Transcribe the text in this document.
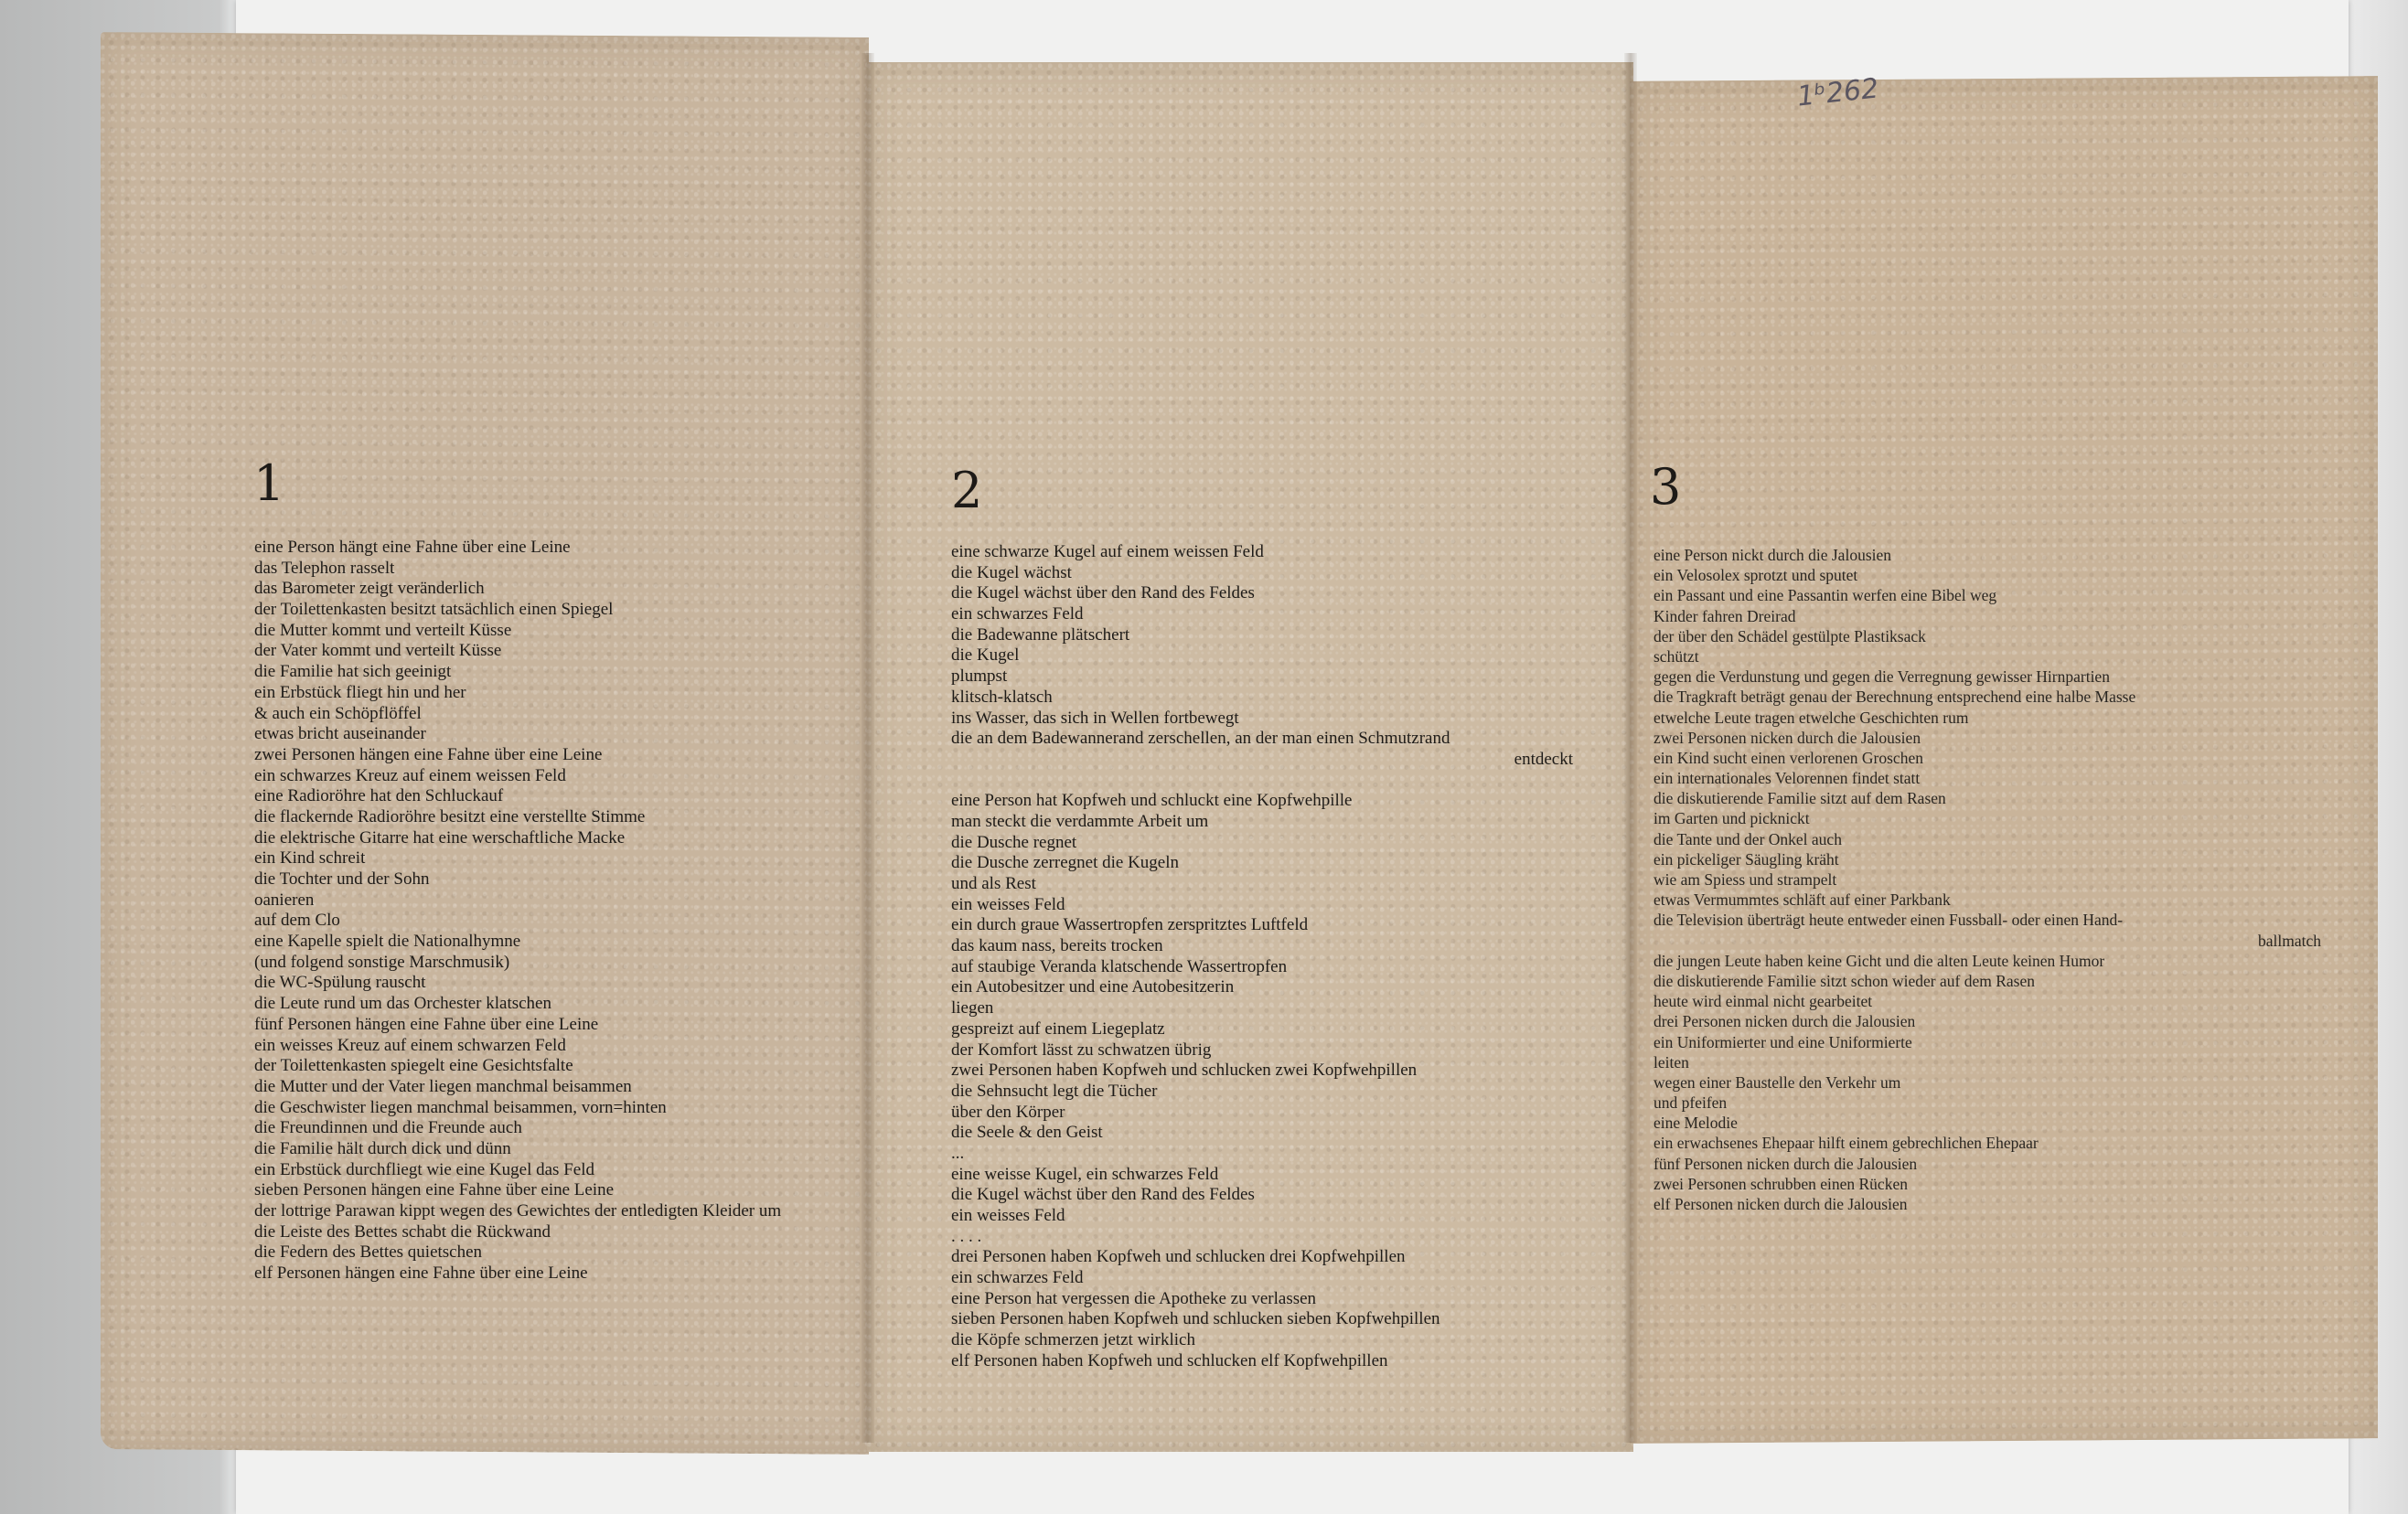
1ᵇ262
1	2	3
eine Person hängt eine Fahne über eine Leine
das Telephon rasselt
das Barometer zeigt veränderlich
der Toilettenkasten besitzt tatsächlich einen Spiegel
die Mutter kommt und verteilt Küsse
der Vater kommt und verteilt Küsse
die Familie hat sich geeinigt
ein Erbstück fliegt hin und her
& auch ein Schöpflöffel
etwas bricht auseinander
zwei Personen hängen eine Fahne über eine Leine
ein schwarzes Kreuz auf einem weissen Feld
eine Radioröhre hat den Schluckauf
die flackernde Radioröhre besitzt eine verstellte Stimme
die elektrische Gitarre hat eine werschaftliche Macke
ein Kind schreit
die Tochter und der Sohn
oanieren
auf dem Clo
eine Kapelle spielt die Nationalhymne
(und folgend sonstige Marschmusik)
die WC-Spülung rauscht
die Leute rund um das Orchester klatschen
fünf Personen hängen eine Fahne über eine Leine
ein weisses Kreuz auf einem schwarzen Feld
der Toilettenkasten spiegelt eine Gesichtsfalte
die Mutter und der Vater liegen manchmal beisammen
die Geschwister liegen manchmal beisammen, vorn=hinten
die Freundinnen und die Freunde auch
die Familie hält durch dick und dünn
ein Erbstück durchfliegt wie eine Kugel das Feld
sieben Personen hängen eine Fahne über eine Leine
der lottrige Parawan kippt wegen des Gewichtes der entledigten Kleider um
die Leiste des Bettes schabt die Rückwand
die Federn des Bettes quietschen
elf Personen hängen eine Fahne über eine Leine
eine schwarze Kugel auf einem weissen Feld
die Kugel wächst
die Kugel wächst über den Rand des Feldes
ein schwarzes Feld
die Badewanne plätschert
die Kugel
plumpst
klitsch-klatsch
ins Wasser, das sich in Wellen fortbewegt
die an dem Badewannerand zerschellen, an der man einen Schmutzrand
entdeckt
eine Person hat Kopfweh und schluckt eine Kopfwehpille
man steckt die verdammte Arbeit um
die Dusche regnet
die Dusche zerregnet die Kugeln
und als Rest
ein weisses Feld
ein durch graue Wassertropfen zerspritztes Luftfeld
das kaum nass, bereits trocken
auf staubige Veranda klatschende Wassertropfen
ein Autobesitzer und eine Autobesitzerin
liegen
gespreizt auf einem Liegeplatz
der Komfort lässt zu schwatzen übrig
zwei Personen haben Kopfweh und schlucken zwei Kopfwehpillen
die Sehnsucht legt die Tücher
über den Körper
die Seele & den Geist
...
eine weisse Kugel, ein schwarzes Feld
die Kugel wächst über den Rand des Feldes
ein weisses Feld
. . . .
drei Personen haben Kopfweh und schlucken drei Kopfwehpillen
ein schwarzes Feld
eine Person hat vergessen die Apotheke zu verlassen
sieben Personen haben Kopfweh und schlucken sieben Kopfwehpillen
die Köpfe schmerzen jetzt wirklich
elf Personen haben Kopfweh und schlucken elf Kopfwehpillen
eine Person nickt durch die Jalousien
ein Velosolex sprotzt und sputet
ein Passant und eine Passantin werfen eine Bibel weg
Kinder fahren Dreirad
der über den Schädel gestülpte Plastiksack
schützt
gegen die Verdunstung und gegen die Verregnung gewisser Hirnpartien
die Tragkraft beträgt genau der Berechnung entsprechend eine halbe Masse
etwelche Leute tragen etwelche Geschichten rum
zwei Personen nicken durch die Jalousien
ein Kind sucht einen verlorenen Groschen
ein internationales Velorennen findet statt
die diskutierende Familie sitzt auf dem Rasen
im Garten und picknickt
die Tante und der Onkel auch
ein pickeliger Säugling kräht
wie am Spiess und strampelt
etwas Vermummtes schläft auf einer Parkbank
die Television überträgt heute entweder einen Fussball- oder einen Hand-
ballmatch
die jungen Leute haben keine Gicht und die alten Leute keinen Humor
die diskutierende Familie sitzt schon wieder auf dem Rasen
heute wird einmal nicht gearbeitet
drei Personen nicken durch die Jalousien
ein Uniformierter und eine Uniformierte
leiten
wegen einer Baustelle den Verkehr um
und pfeifen
eine Melodie
ein erwachsenes Ehepaar hilft einem gebrechlichen Ehepaar
fünf Personen nicken durch die Jalousien
zwei Personen schrubben einen Rücken
elf Personen nicken durch die Jalousien
